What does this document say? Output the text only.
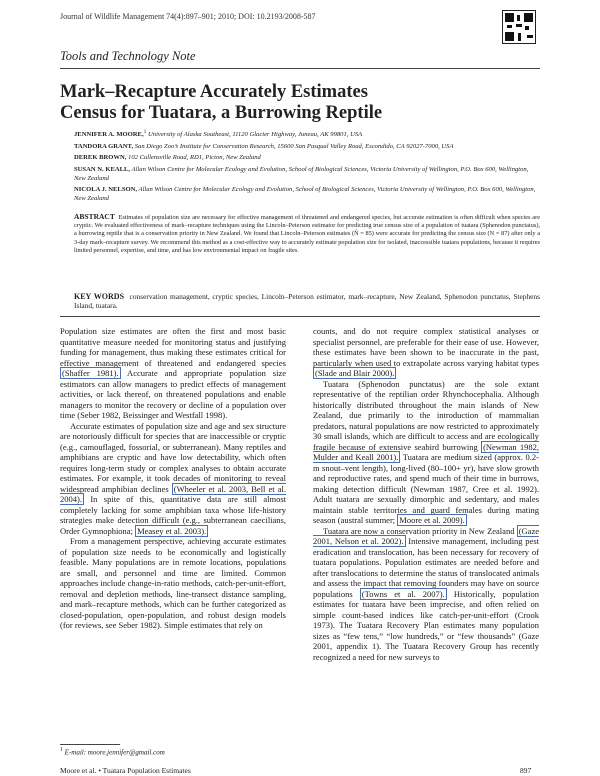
Journal of Wildlife Management 74(4):897–901; 2010; DOI: 10.2193/2008-587
Tools and Technology Note
Mark–Recapture Accurately Estimates
Census for Tuatara, a Burrowing Reptile

JENNIFER A. MOORE,$^1$ University of Alaska Southeast, 11120 Glacier Highway, Juneau, AK 99801, USA

TANDORA GRANT, San Diego Zoo’s Institute for Conservation Research, 15600 San Pasqual Valley Road, Escondido, CA 92027-7000, USA

DEREK BROWN, 102 Cullensville Road, RD1, Picton, New Zealand

SUSAN N. KEALL, Allan Wilson Centre for Molecular Ecology and Evolution, School of Biological Sciences, Victoria University of Wellington, P.O. Box 600, Wellington, New Zealand

NICOLA J. NELSON, Allan Wilson Centre for Molecular Ecology and Evolution, School of Biological Sciences, Victoria University of Wellington, P.O. Box 600, Wellington, New Zealand

ABSTRACT Estimates of population size are necessary for effective management of threatened and endangered species, but accurate estimation is often difficult when species are cryptic. We evaluated effectiveness of mark–recapture techniques using the Lincoln–Peterson estimator for predicting true census size of a population of tuatara (Sphenodon punctatus), a burrowing reptile that is a conservation priority in New Zealand. We found that Lincoln–Peterson estimates (N̂ = 85) were accurate for predicting the census size (N = 87) after only a 3-day mark–recapture survey. We recommend this method as a cost-effective way to accurately estimate population size for isolated, inaccessible tuatara populations, because it requires limited personnel, expertise, and time, and has low environmental impact on fragile sites.
KEY WORDS conservation management, cryptic species, Lincoln–Peterson estimator, mark–recapture, New Zealand, Sphenodon punctatus, Stephens Island, tuatara.

Population size estimates are often the first and most basic quantitative measure needed for monitoring status and justifying funding for management, thus making these estimates critical for effective management of threatened and endangered species (Shaffer 1981). Accurate and appropriate population size estimators can allow managers to predict effects of management activities, or lack thereof, on threatened populations and enable managers to monitor the recovery or decline of a population over time (Seber 1982, Beissinger and Westfall 1998).

Accurate estimates of population size and age and sex structure are notoriously difficult for species that are inaccessible or cryptic (e.g., camouflaged, fossorial, or subterranean). Many reptiles and amphibians are cryptic and have low detectability, which often requires long-term study or complex analyses to obtain accurate estimates. For example, it took decades of monitoring to reveal widespread amphibian declines (Wheeler et al. 2003, Bell et al. 2004). In spite of this, quantitative data are still almost completely lacking for some amphibian taxa whose life-history strategies make detection difficult (e.g., subterranean caecilians, Order Gymnophiona; Measey et al. 2003).

From a management perspective, achieving accurate estimates of population size needs to be economically and logistically feasible. Many populations are in remote locations, populations are small, and personnel and time are limited. Common approaches include change-in-ratio methods, catch-per-unit-effort, removal and depletion methods, line-transect distance sampling, and mark–recapture methods, which can be further categorized as closed-population, open-population, and robust design models (for reviews, see Seber 1982). Simple estimates that rely on

counts, and do not require complex statistical analyses or specialist personnel, are preferable for their ease of use. However, these estimates have been shown to be inaccurate in the past, particularly when used to extrapolate across varying habitat types (Slade and Blair 2000).

Tuatara (Sphenodon punctatus) are the sole extant representative of the reptilian order Rhynchocephalia. Although historically distributed throughout the main islands of New Zealand, due primarily to the introduction of mammalian predators, natural populations are now restricted to approximately 30 small islands, which are difficult to access and are ecologically fragile because of extensive seabird burrowing (Newman 1982, Mulder and Keall 2001). Tuatara are medium sized (approx. 0.2-m snout–vent length), long-lived (80–100+ yr), have slow growth and reproductive rates, and spend much of their time in burrows, making detection difficult (Newman 1987, Cree et al. 1992). Adult tuatara are sexually dimorphic and sedentary, and males maintain stable territories and guard females during mating season (austral summer; Moore et al. 2009).

Tuatara are now a conservation priority in New Zealand (Gaze 2001, Nelson et al. 2002). Intensive management, including pest eradication and translocation, has been necessary for recovery of tuatara populations. Population estimates are needed before and after translocations to determine the status of translocated animals and assess the impact that removing founders may have on source populations (Towns et al. 2007). Historically, population estimates for tuatara have been imprecise, and often relied on simple count-based indices like catch-per-unit-effort (Crook 1973). The Tuatara Recovery Plan estimates many population sizes as “few tens,” “low hundreds,” or “few thousands” (Gaze 2001, appendix 1). The Tuatara Recovery Group has recently recognized a need for new surveys to

$^1$ E-mail: moore.jennifer@gmail.com
Moore et al. • Tuatara Population Estimates	897
